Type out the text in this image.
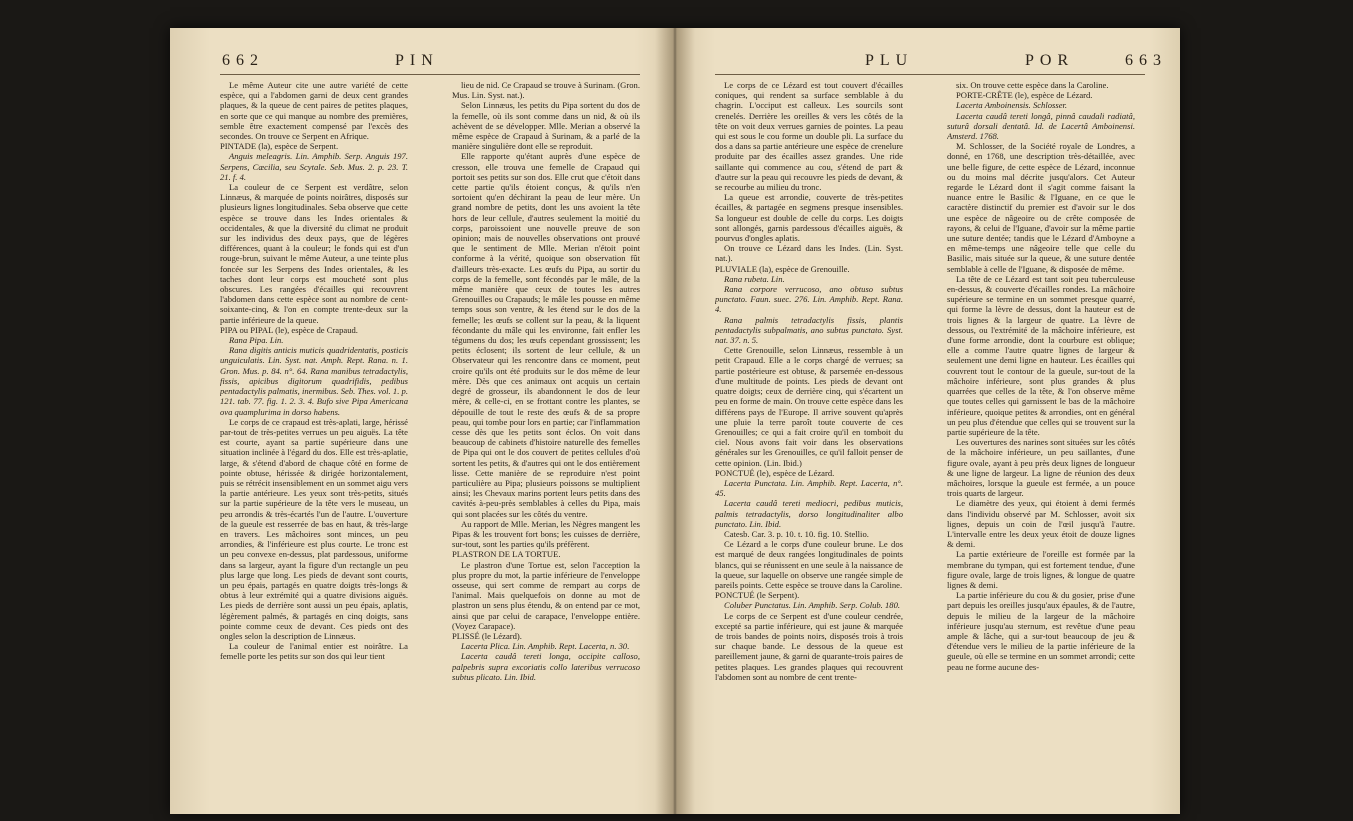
662	PIN

Le même Auteur cite une autre variété de cette espèce, qui a l'abdomen garni de deux cent grandes plaques, & la queue de cent paires de petites plaques, en sorte que ce qui manque au nombre des premières, semble être exactement compensé par l'excès des secondes. On trouve ce Serpent en Afrique.

PINTADE (la), espèce de Serpent.

Anguis meleagris. Lin. Amphib. Serp. Anguis 197. Serpens, Cæcilia, seu Scytale. Seb. Mus. 2. p. 23. T. 21. f. 4.

La couleur de ce Serpent est verdâtre, selon Linnæus, & marquée de points noirâtres, disposés sur plusieurs lignes longitudinales. Seba observe que cette espèce se trouve dans les Indes orientales & occidentales, & que la diversité du climat ne produit sur les individus des deux pays, que de légères différences, quant à la couleur; le fonds qui est d'un rouge-brun, suivant le même Auteur, a une teinte plus foncée sur les Serpens des Indes orientales, & les taches dont leur corps est moucheté sont plus obscures. Les rangées d'écailles qui recouvrent l'abdomen dans cette espèce sont au nombre de cent-soixante-cinq, & l'on en compte trente-deux sur la partie inférieure de la queue.

PIPA ou PIPAL (le), espèce de Crapaud.

Rana Pipa. Lin.

Rana digitis anticis muticis quadridentatis, posticis unguiculatis. Lin. Syst. nat. Amph. Rept. Rana. n. 1. Gron. Mus. p. 84. n°. 64. Rana manibus tetradactylis, fissis, apicibus digitorum quadrifidis, pedibus pentadactylis palmatis, inermibus. Seb. Thes. vol. 1. p. 121. tab. 77. fig. 1. 2. 3. 4. Bufo sive Pipa Americana ova quamplurima in dorso habens.

Le corps de ce crapaud est très-aplati, large, hérissé par-tout de très-petites verrues un peu aiguës. La tête est courte, ayant sa partie supérieure dans une situation inclinée à l'égard du dos. Elle est très-aplatie, large, & s'étend d'abord de chaque côté en forme de pointe obtuse, hérissée & dirigée horizontalement, puis se rétrécit insensiblement en un sommet aigu vers la partie antérieure. Les yeux sont très-petits, situés sur la partie supérieure de la tête vers le museau, un peu arrondis & très-écartés l'un de l'autre. L'ouverture de la gueule est resserrée de bas en haut, & très-large en travers. Les mâchoires sont minces, un peu arrondies, & l'inférieure est plus courte. Le tronc est un peu convexe en-dessus, plat pardessous, uniforme dans sa largeur, ayant la figure d'un rectangle un peu plus large que long. Les pieds de devant sont courts, un peu épais, partagés en quatre doigts très-longs & obtus à leur extrémité qui a quatre divisions aiguës. Les pieds de derrière sont aussi un peu épais, aplatis, légèrement palmés, & partagés en cinq doigts, sans pointe comme ceux de devant. Ces pieds ont des ongles selon la description de Linnæus.

La couleur de l'animal entier est noirâtre. La femelle porte les petits sur son dos qui leur tient

lieu de nid. Ce Crapaud se trouve à Surinam. (Gron. Mus. Lin. Syst. nat.).

Selon Linnæus, les petits du Pipa sortent du dos de la femelle, où ils sont comme dans un nid, & où ils achèvent de se développer. Mlle. Merian a observé la même espèce de Crapaud à Surinam, & a parlé de la manière singulière dont elle se reproduit.

Elle rapporte qu'étant auprès d'une espèce de cresson, elle trouva une femelle de Crapaud qui portoit ses petits sur son dos. Elle crut que c'étoit dans cette partie qu'ils étoient conçus, & qu'ils n'en sortoient qu'en déchirant la peau de leur mère. Un grand nombre de petits, dont les uns avoient la tête hors de leur cellule, d'autres seulement la moitié du corps, paroissoient une nouvelle preuve de son opinion; mais de nouvelles observations ont prouvé que le sentiment de Mlle. Merian n'étoit point conforme à la vérité, quoique son observation fût d'ailleurs très-exacte. Les œufs du Pipa, au sortir du corps de la femelle, sont fécondés par le mâle, de la même manière que ceux de toutes les autres Grenouilles ou Crapauds; le mâle les pousse en même temps sous son ventre, & les étend sur le dos de la femelle; les œufs se collent sur la peau, & la liquent fécondante du mâle qui les environne, fait enfler les tégumens du dos; les œufs cependant grossissent; les petits éclosent; ils sortent de leur cellule, & un Observateur qui les rencontre dans ce moment, peut croire qu'ils ont été produits sur le dos même de leur mère. Dès que ces animaux ont acquis un certain degré de grosseur, ils abandonnent le dos de leur mère, & celle-ci, en se frottant contre les plantes, se dépouille de tout le reste des œufs & de sa propre peau, qui tombe pour lors en partie; car l'inflammation cesse dès que les petits sont éclos. On voit dans beaucoup de cabinets d'histoire naturelle des femelles de Pipa qui ont le dos couvert de petites cellules d'où sortent les petits, & d'autres qui ont le dos entièrement lisse. Cette manière de se reproduire n'est point particulière au Pipa; plusieurs poissons se multiplient ainsi; les Chevaux marins portent leurs petits dans des cavités à-peu-près semblables à celles du Pipa, mais qui sont placées sur les côtés du ventre.

Au rapport de Mlle. Merian, les Nègres mangent les Pipas & les trouvent fort bons; les cuisses de derrière, sur-tout, sont les parties qu'ils préfèrent.

PLASTRON DE LA TORTUE.

Le plastron d'une Tortue est, selon l'acception la plus propre du mot, la partie inférieure de l'enveloppe osseuse, qui sert comme de rempart au corps de l'animal. Mais quelquefois on donne au mot de plastron un sens plus étendu, & on entend par ce mot, ainsi que par celui de carapace, l'enveloppe entière. (Voyez Carapace).

PLISSÉ (le Lézard).

Lacerta Plica. Lin. Amphib. Rept. Lacerta, n. 30.

Lacerta caudâ tereti longa, occipite calloso, palpebris supra excoriatis collo lateribus verrucoso subtus plicato. Lin. Ibid.

PLU	POR	663

Le corps de ce Lézard est tout couvert d'écailles coniques, qui rendent sa surface semblable à du chagrin. L'occiput est calleux. Les sourcils sont crenelés. Derrière les oreilles & vers les côtés de la tête on voit deux verrues garnies de pointes. La peau qui est sous le cou forme un double pli. La surface du dos a dans sa partie antérieure une espèce de crenelure produite par des écailles assez grandes. Une ride saillante qui commence au cou, s'étend de part & d'autre sur la peau qui recouvre les pieds de devant, & se recourbe au milieu du tronc.

La queue est arrondie, couverte de très-petites écailles, & partagée en segmens presque insensibles. Sa longueur est double de celle du corps. Les doigts sont allongés, garnis pardessous d'écailles aiguës, & pourvus d'ongles aplatis.

On trouve ce Lézard dans les Indes. (Lin. Syst. nat.).

PLUVIALE (la), espèce de Grenouille.

Rana rubeta. Lin.

Rana corpore verrucoso, ano obtuso subtus punctato. Faun. suec. 276. Lin. Amphib. Rept. Rana. 4.

Rana palmis tetradactylis fissis, plantis pentadactylis subpalmatis, ano subtus punctato. Syst. nat. 37. n. 5.

Cette Grenouille, selon Linnæus, ressemble à un petit Crapaud. Elle a le corps chargé de verrues; sa partie postérieure est obtuse, & parsemée en-dessous d'une multitude de points. Les pieds de devant ont quatre doigts; ceux de derrière cinq, qui s'écartent un peu en forme de main. On trouve cette espèce dans les différens pays de l'Europe. Il arrive souvent qu'après une pluie la terre paroît toute couverte de ces Grenouilles; ce qui a fait croire qu'il en tomboit du ciel. Nous avons fait voir dans les observations générales sur les Grenouilles, ce qu'il falloit penser de cette opinion. (Lin. Ibid.)

PONCTUÉ (le), espèce de Lézard.

Lacerta Punctata. Lin. Amphib. Rept. Lacerta, n°. 45.

Lacerta caudâ tereti mediocri, pedibus muticis, palmis tetradactylis, dorso longitudinaliter albo punctato. Lin. Ibid.

Catesb. Car. 3. p. 10. t. 10. fig. 10. Stellio.

Ce Lézard a le corps d'une couleur brune. Le dos est marqué de deux rangées longitudinales de points blancs, qui se réunissent en une seule à la naissance de la queue, sur laquelle on observe une rangée simple de pareils points. Cette espèce se trouve dans la Caroline.

PONCTUÉ (le Serpent).

Coluber Punctatus. Lin. Amphib. Serp. Colub. 180.

Le corps de ce Serpent est d'une couleur cendrée, excepté sa partie inférieure, qui est jaune & marquée de trois bandes de points noirs, disposés trois à trois sur chaque bande. Le dessous de la queue est pareillement jaune, & garni de quarante-trois paires de petites plaques. Les grandes plaques qui recouvrent l'abdomen sont au nombre de cent trente-

six. On trouve cette espèce dans la Caroline.

PORTE-CRÊTE (le), espèce de Lézard.

Lacerta Amboinensis. Schlosser.

Lacerta caudâ tereti longâ, pinnâ caudali radiatâ, suturâ dorsali dentatâ. Id. de Lacertâ Amboinensi. Amsterd. 1768.

M. Schlosser, de la Société royale de Londres, a donné, en 1768, une description très-détaillée, avec une belle figure, de cette espèce de Lézard, inconnue ou du moins mal décrite jusqu'alors. Cet Auteur regarde le Lézard dont il s'agit comme faisant la nuance entre le Basilic & l'Iguane, en ce que le caractère distinctif du premier est d'avoir sur le dos une espèce de nâgeoire ou de crête composée de rayons, & celui de l'Iguane, d'avoir sur la même partie une suture dentée; tandis que le Lézard d'Amboyne a en même-temps une nâgeoire telle que celle du Basilic, mais située sur la queue, & une suture dentée semblable à celle de l'Iguane, & disposée de même.

La tête de ce Lézard est tant soit peu tuberculeuse en-dessus, & couverte d'écailles rondes. La mâchoire supérieure se termine en un sommet presque quarré, qui forme la lèvre de dessus, dont la hauteur est de trois lignes & la largeur de quatre. La lèvre de dessous, ou l'extrémité de la mâchoire inférieure, est d'une forme arrondie, dont la courbure est oblique; elle a comme l'autre quatre lignes de largeur & seulement une demi ligne en hauteur. Les écailles qui couvrent tout le contour de la gueule, sur-tout de la mâchoire inférieure, sont plus grandes & plus quarrées que celles de la tête, & l'on observe même que toutes celles qui garnissent le bas de la mâchoire inférieure, quoique petites & arrondies, ont en général un peu plus d'étendue que celles qui se trouvent sur la partie supérieure de la tête.

Les ouvertures des narines sont situées sur les côtés de la mâchoire inférieure, un peu saillantes, d'une figure ovale, ayant à peu près deux lignes de longueur & une ligne de largeur. La ligne de réunion des deux mâchoires, lorsque la gueule est fermée, a un pouce trois quarts de largeur.

Le diamètre des yeux, qui étoient à demi fermés dans l'individu observé par M. Schlosser, avoit six lignes, depuis un coin de l'œil jusqu'à l'autre. L'intervalle entre les deux yeux étoit de douze lignes & demi.

La partie extérieure de l'oreille est formée par la membrane du tympan, qui est fortement tendue, d'une figure ovale, large de trois lignes, & longue de quatre lignes & demi.

La partie inférieure du cou & du gosier, prise d'une part depuis les oreilles jusqu'aux épaules, & de l'autre, depuis le milieu de la largeur de la mâchoire inférieure jusqu'au sternum, est revêtue d'une peau ample & lâche, qui a sur-tout beaucoup de jeu & d'étendue vers le milieu de la partie inférieure de la gueule, où elle se termine en un sommet arrondi; cette peau ne forme aucune des-
